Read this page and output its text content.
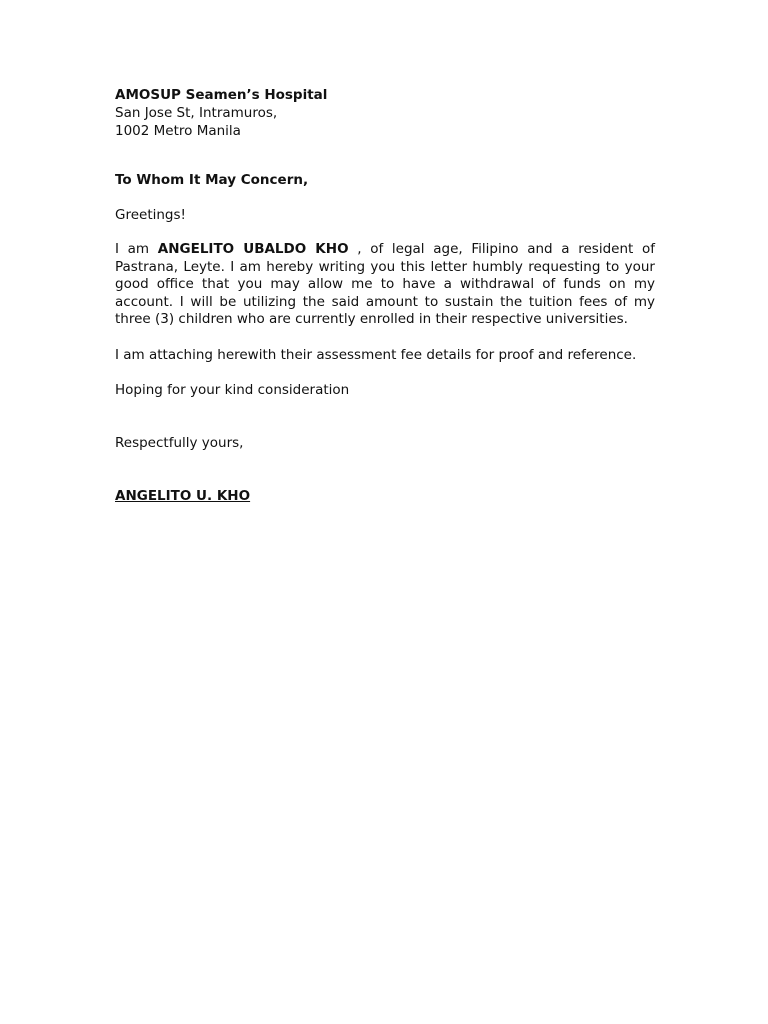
AMOSUP Seamen’s Hospital

San Jose St, Intramuros,

1002 Metro Manila

To Whom It May Concern,

Greetings!

I am ANGELITO UBALDO KHO , of legal age, Filipino and a resident of Pastrana, Leyte. I am hereby writing you this letter humbly requesting to your good office that you may allow me to have a withdrawal of funds on my account. I will be utilizing the said amount to sustain the tuition fees of my three (3) children who are currently enrolled in their respective universities.

I am attaching herewith their assessment fee details for proof and reference.

Hoping for your kind consideration

Respectfully yours,

ANGELITO U. KHO
